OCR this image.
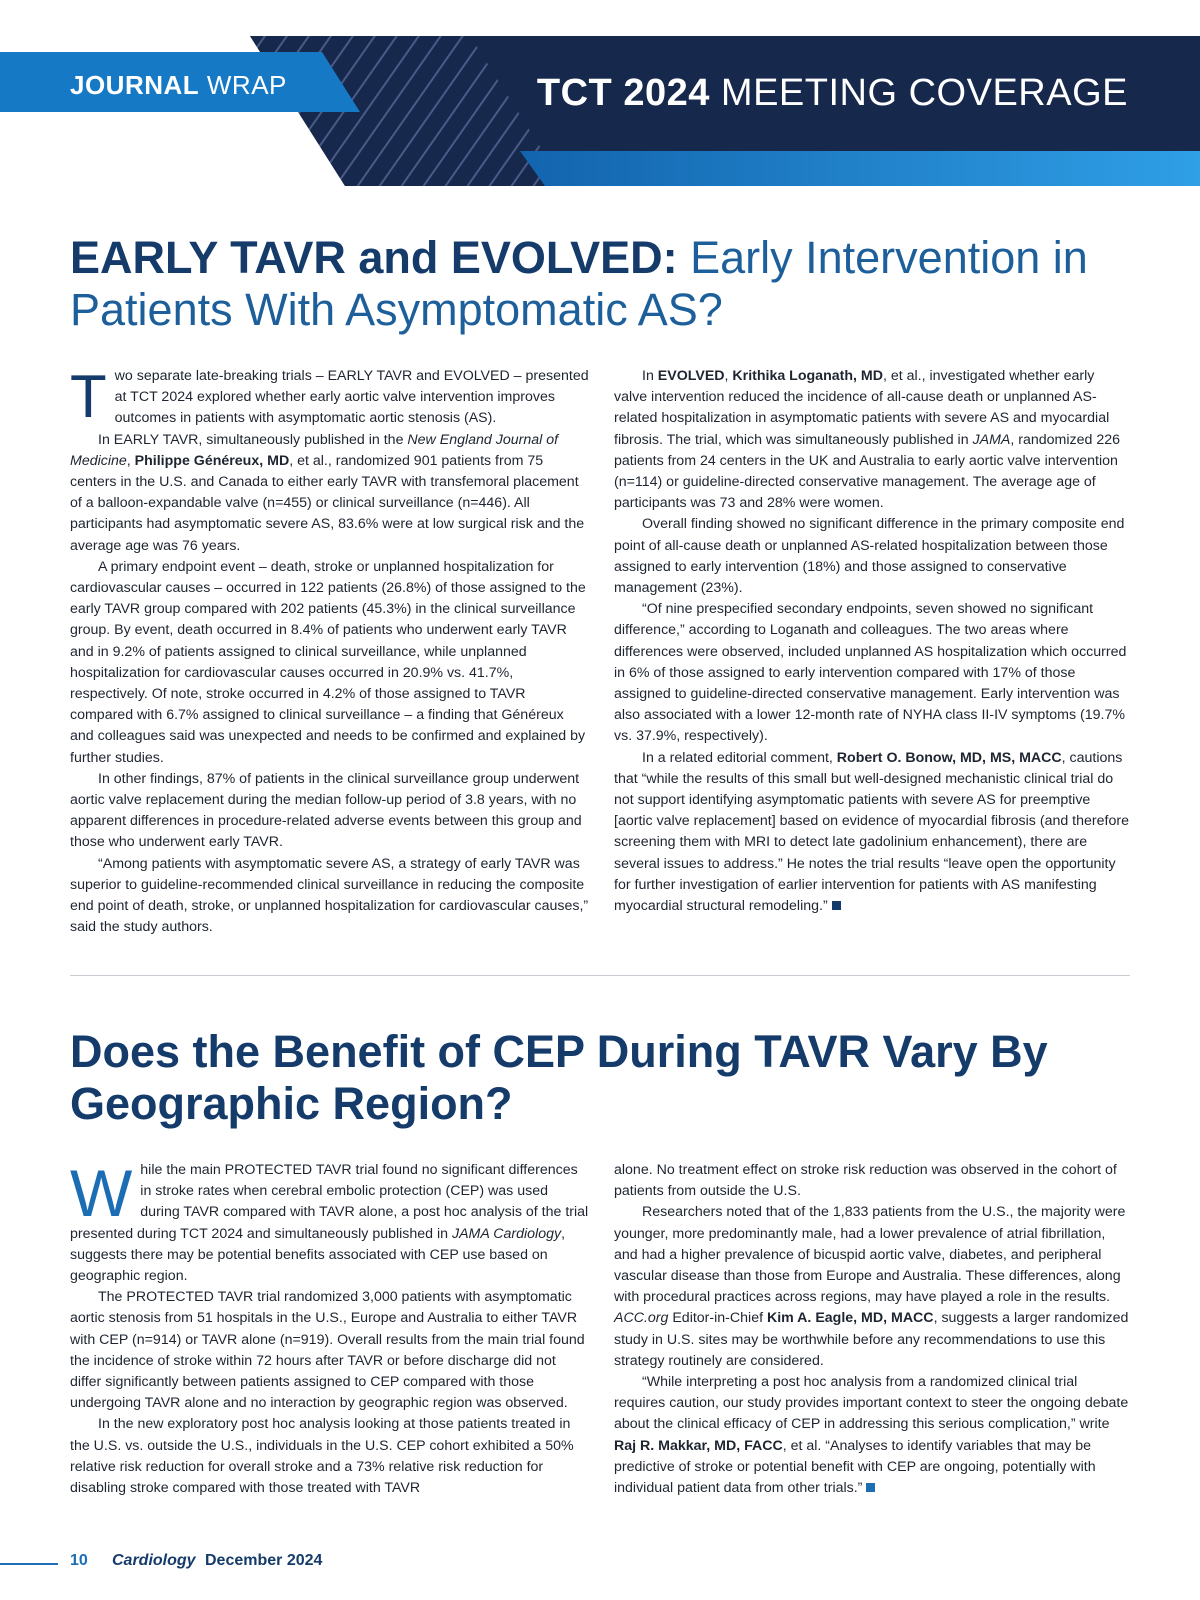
JOURNAL WRAP	TCT 2024 MEETING COVERAGE
EARLY TAVR and EVOLVED: Early Intervention in Patients With Asymptomatic AS?

Two separate late-breaking trials – EARLY TAVR and EVOLVED – presented at TCT 2024 explored whether early aortic valve intervention improves outcomes in patients with asymptomatic aortic stenosis (AS).

In EARLY TAVR, simultaneously published in the New England Journal of Medicine, Philippe Généreux, MD, et al., randomized 901 patients from 75 centers in the U.S. and Canada to either early TAVR with transfemoral placement of a balloon-expandable valve (n=455) or clinical surveillance (n=446). All participants had asymptomatic severe AS, 83.6% were at low surgical risk and the average age was 76 years.

A primary endpoint event – death, stroke or unplanned hospitalization for cardiovascular causes – occurred in 122 patients (26.8%) of those assigned to the early TAVR group compared with 202 patients (45.3%) in the clinical surveillance group. By event, death occurred in 8.4% of patients who underwent early TAVR and in 9.2% of patients assigned to clinical surveillance, while unplanned hospitalization for cardiovascular causes occurred in 20.9% vs. 41.7%, respectively. Of note, stroke occurred in 4.2% of those assigned to TAVR compared with 6.7% assigned to clinical surveillance – a finding that Généreux and colleagues said was unexpected and needs to be confirmed and explained by further studies.

In other findings, 87% of patients in the clinical surveillance group underwent aortic valve replacement during the median follow-up period of 3.8 years, with no apparent differences in procedure-related adverse events between this group and those who underwent early TAVR.

“Among patients with asymptomatic severe AS, a strategy of early TAVR was superior to guideline-recommended clinical surveillance in reducing the composite end point of death, stroke, or unplanned hospitalization for cardiovascular causes,” said the study authors.

In EVOLVED, Krithika Loganath, MD, et al., investigated whether early valve intervention reduced the incidence of all-cause death or unplanned AS-related hospitalization in asymptomatic patients with severe AS and myocardial fibrosis. The trial, which was simultaneously published in JAMA, randomized 226 patients from 24 centers in the UK and Australia to early aortic valve intervention (n=114) or guideline-directed conservative management. The average age of participants was 73 and 28% were women.

Overall finding showed no significant difference in the primary composite end point of all-cause death or unplanned AS-related hospitalization between those assigned to early intervention (18%) and those assigned to conservative management (23%).

“Of nine prespecified secondary endpoints, seven showed no significant difference,” according to Loganath and colleagues. The two areas where differences were observed, included unplanned AS hospitalization which occurred in 6% of those assigned to early intervention compared with 17% of those assigned to guideline-directed conservative management. Early intervention was also associated with a lower 12-month rate of NYHA class II-IV symptoms (19.7% vs. 37.9%, respectively).

In a related editorial comment, Robert O. Bonow, MD, MS, MACC, cautions that “while the results of this small but well-designed mechanistic clinical trial do not support identifying asymptomatic patients with severe AS for preemptive [aortic valve replacement] based on evidence of myocardial fibrosis (and therefore screening them with MRI to detect late gadolinium enhancement), there are several issues to address.” He notes the trial results “leave open the opportunity for further investigation of earlier intervention for patients with AS manifesting myocardial structural remodeling.”

Does the Benefit of CEP During TAVR Vary By Geographic Region?

While the main PROTECTED TAVR trial found no significant differences in stroke rates when cerebral embolic protection (CEP) was used during TAVR compared with TAVR alone, a post hoc analysis of the trial presented during TCT 2024 and simultaneously published in JAMA Cardiology, suggests there may be potential benefits associated with CEP use based on geographic region.

The PROTECTED TAVR trial randomized 3,000 patients with asymptomatic aortic stenosis from 51 hospitals in the U.S., Europe and Australia to either TAVR with CEP (n=914) or TAVR alone (n=919). Overall results from the main trial found the incidence of stroke within 72 hours after TAVR or before discharge did not differ significantly between patients assigned to CEP compared with those undergoing TAVR alone and no interaction by geographic region was observed.

In the new exploratory post hoc analysis looking at those patients treated in the U.S. vs. outside the U.S., individuals in the U.S. CEP cohort exhibited a 50% relative risk reduction for overall stroke and a 73% relative risk reduction for disabling stroke compared with those treated with TAVR

alone. No treatment effect on stroke risk reduction was observed in the cohort of patients from outside the U.S.

Researchers noted that of the 1,833 patients from the U.S., the majority were younger, more predominantly male, had a lower prevalence of atrial fibrillation, and had a higher prevalence of bicuspid aortic valve, diabetes, and peripheral vascular disease than those from Europe and Australia. These differences, along with procedural practices across regions, may have played a role in the results. ACC.org Editor-in-Chief Kim A. Eagle, MD, MACC, suggests a larger randomized study in U.S. sites may be worthwhile before any recommendations to use this strategy routinely are considered.

“While interpreting a post hoc analysis from a randomized clinical trial requires caution, our study provides important context to steer the ongoing debate about the clinical efficacy of CEP in addressing this serious complication,” write Raj R. Makkar, MD, FACC, et al. “Analyses to identify variables that may be predictive of stroke or potential benefit with CEP are ongoing, potentially with individual patient data from other trials.”

10 Cardiology December 2024
